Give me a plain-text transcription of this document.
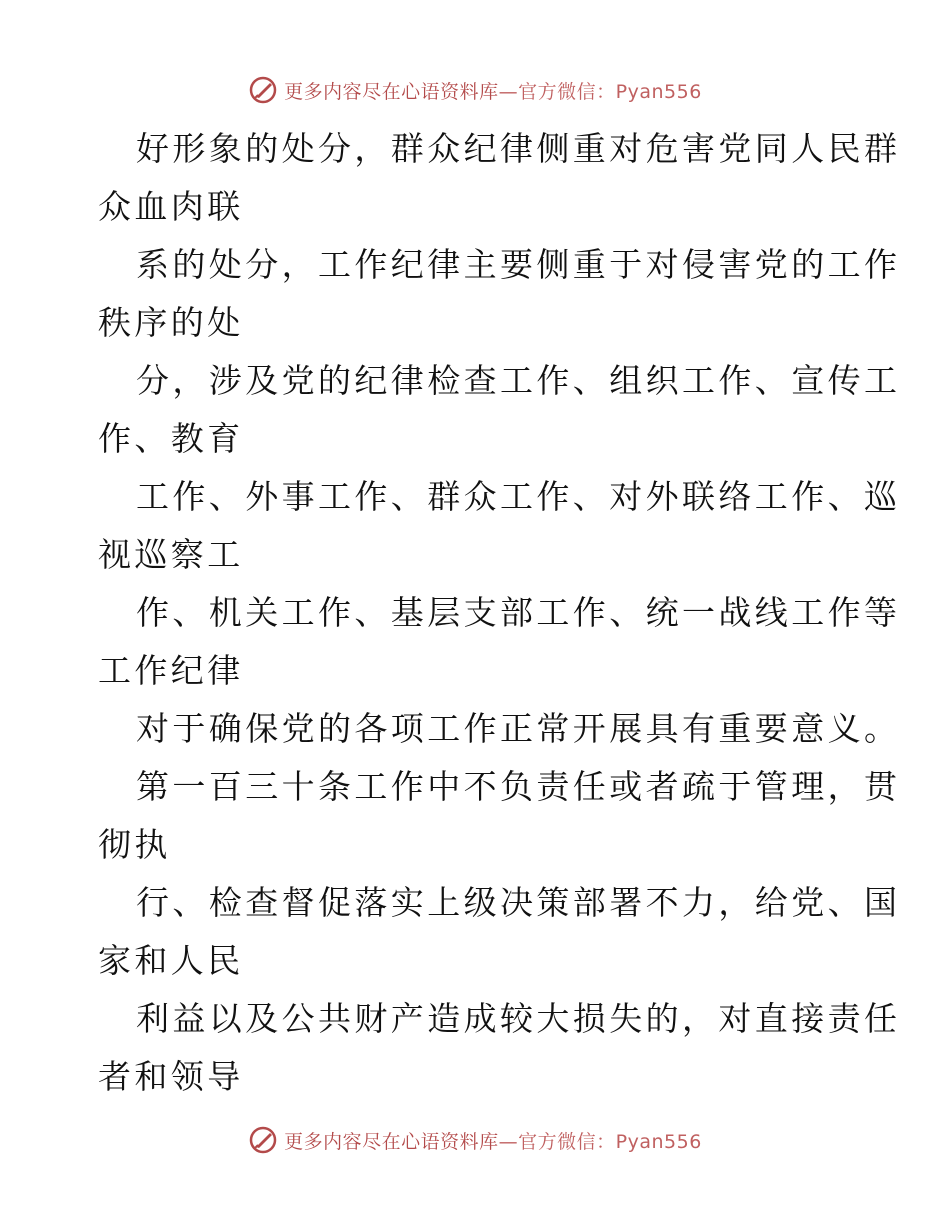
更多内容尽在心语资料库—官方微信：Pyan556

好形象的处分，群众纪律侧重对危害党同人民群
众血肉联

系的处分，工作纪律主要侧重于对侵害党的工作
秩序的处

分，涉及党的纪律检查工作、组织工作、宣传工
作、教育

工作、外事工作、群众工作、对外联络工作、巡
视巡察工

作、机关工作、基层支部工作、统一战线工作等
工作纪律

对于确保党的各项工作正常开展具有重要意义。

第一百三十条工作中不负责任或者疏于管理，贯
彻执

行、检查督促落实上级决策部署不力，给党、国
家和人民

利益以及公共财产造成较大损失的，对直接责任
者和领导

更多内容尽在心语资料库—官方微信：Pyan556
